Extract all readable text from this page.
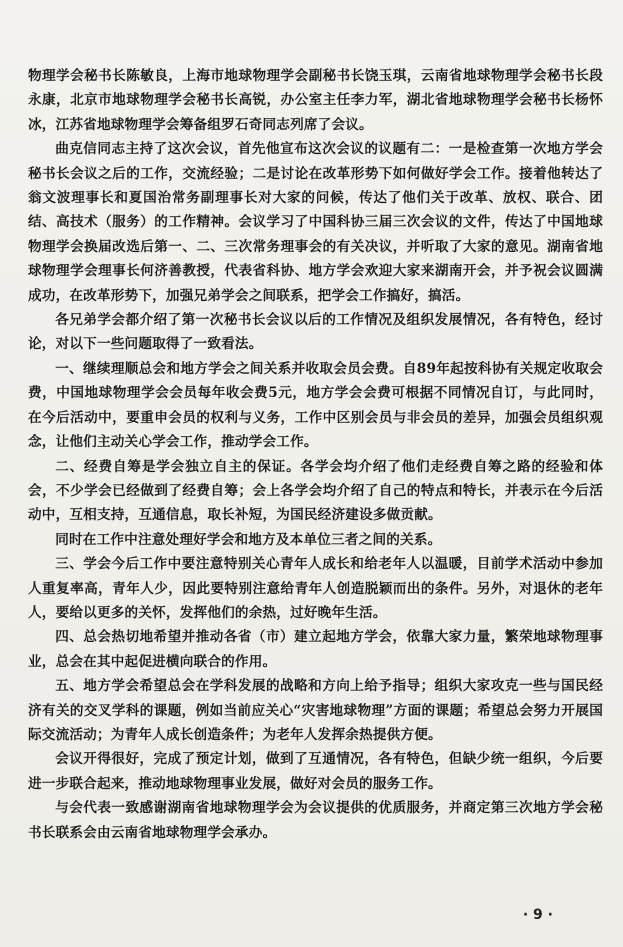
物理学会秘书长陈敏良，上海市地球物理学会副秘书长饶玉琪，云南省地球物理学会秘书长段永康，北京市地球物理学会秘书长高锐，办公室主任李力军，湖北省地球物理学会秘书长杨怀冰，江苏省地球物理学会筹备组罗石奇同志列席了会议。

曲克信同志主持了这次会议，首先他宣布这次会议的议题有二：一是检查第一次地方学会秘书长会议之后的工作，交流经验；二是讨论在改革形势下如何做好学会工作。接着他转达了翁文波理事长和夏国治常务副理事长对大家的问候，传达了他们关于改革、放权、联合、团结、高技术（服务）的工作精神。会议学习了中国科协三届三次会议的文件，传达了中国地球物理学会换届改选后第一、二、三次常务理事会的有关决议，并听取了大家的意见。湖南省地球物理学会理事长何济善教授，代表省科协、地方学会欢迎大家来湖南开会，并予祝会议圆满成功，在改革形势下，加强兄弟学会之间联系，把学会工作搞好，搞活。

各兄弟学会都介绍了第一次秘书长会议以后的工作情况及组织发展情况，各有特色，经讨论，对以下一些问题取得了一致看法。

一、继续理顺总会和地方学会之间关系并收取会员会费。自89年起按科协有关规定收取会费，中国地球物理学会会员每年收会费5元，地方学会会费可根据不同情况自订，与此同时，在今后活动中，要重申会员的权利与义务，工作中区别会员与非会员的差异，加强会员组织观念，让他们主动关心学会工作，推动学会工作。

二、经费自筹是学会独立自主的保证。各学会均介绍了他们走经费自筹之路的经验和体会，不少学会已经做到了经费自筹；会上各学会均介绍了自己的特点和特长，并表示在今后活动中，互相支持，互通信息，取长补短，为国民经济建设多做贡献。

同时在工作中注意处理好学会和地方及本单位三者之间的关系。

三、学会今后工作中要注意特别关心青年人成长和给老年人以温暖，目前学术活动中参加人重复率高，青年人少，因此要特别注意给青年人创造脱颖而出的条件。另外，对退休的老年人，要给以更多的关怀，发挥他们的余热，过好晚年生活。

四、总会热切地希望并推动各省（市）建立起地方学会，依靠大家力量，繁荣地球物理事业，总会在其中起促进横向联合的作用。

五、地方学会希望总会在学科发展的战略和方向上给予指导；组织大家攻克一些与国民经济有关的交叉学科的课题，例如当前应关心“灾害地球物理”方面的课题；希望总会努力开展国际交流活动；为青年人成长创造条件；为老年人发挥余热提供方便。

会议开得很好，完成了预定计划，做到了互通情况，各有特色，但缺少统一组织，今后要进一步联合起来，推动地球物理事业发展，做好对会员的服务工作。

与会代表一致感谢湖南省地球物理学会为会议提供的优质服务，并商定第三次地方学会秘书长联系会由云南省地球物理学会承办。

· 9 ·
